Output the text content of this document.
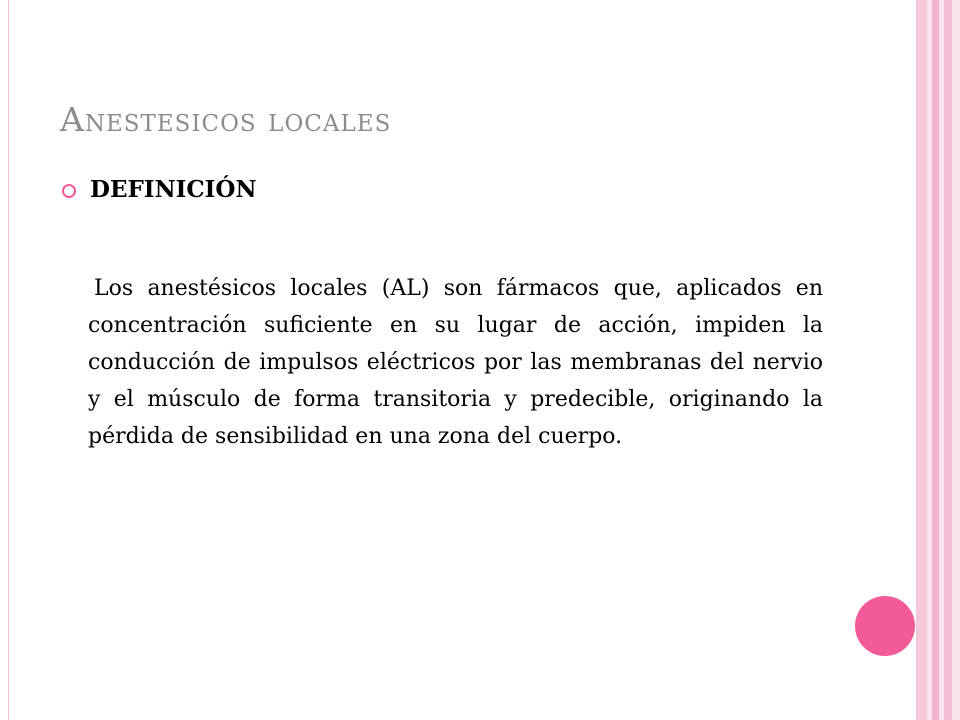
Anestesicos locales
DEFINICIÓN

Los anestésicos locales (AL) son fármacos que, aplicados en concentración suficiente en su lugar de acción, impiden la conducción de impulsos eléctricos por las membranas del nervio y el músculo de forma transitoria y predecible, originando la pérdida de sensibilidad en una zona del cuerpo.
